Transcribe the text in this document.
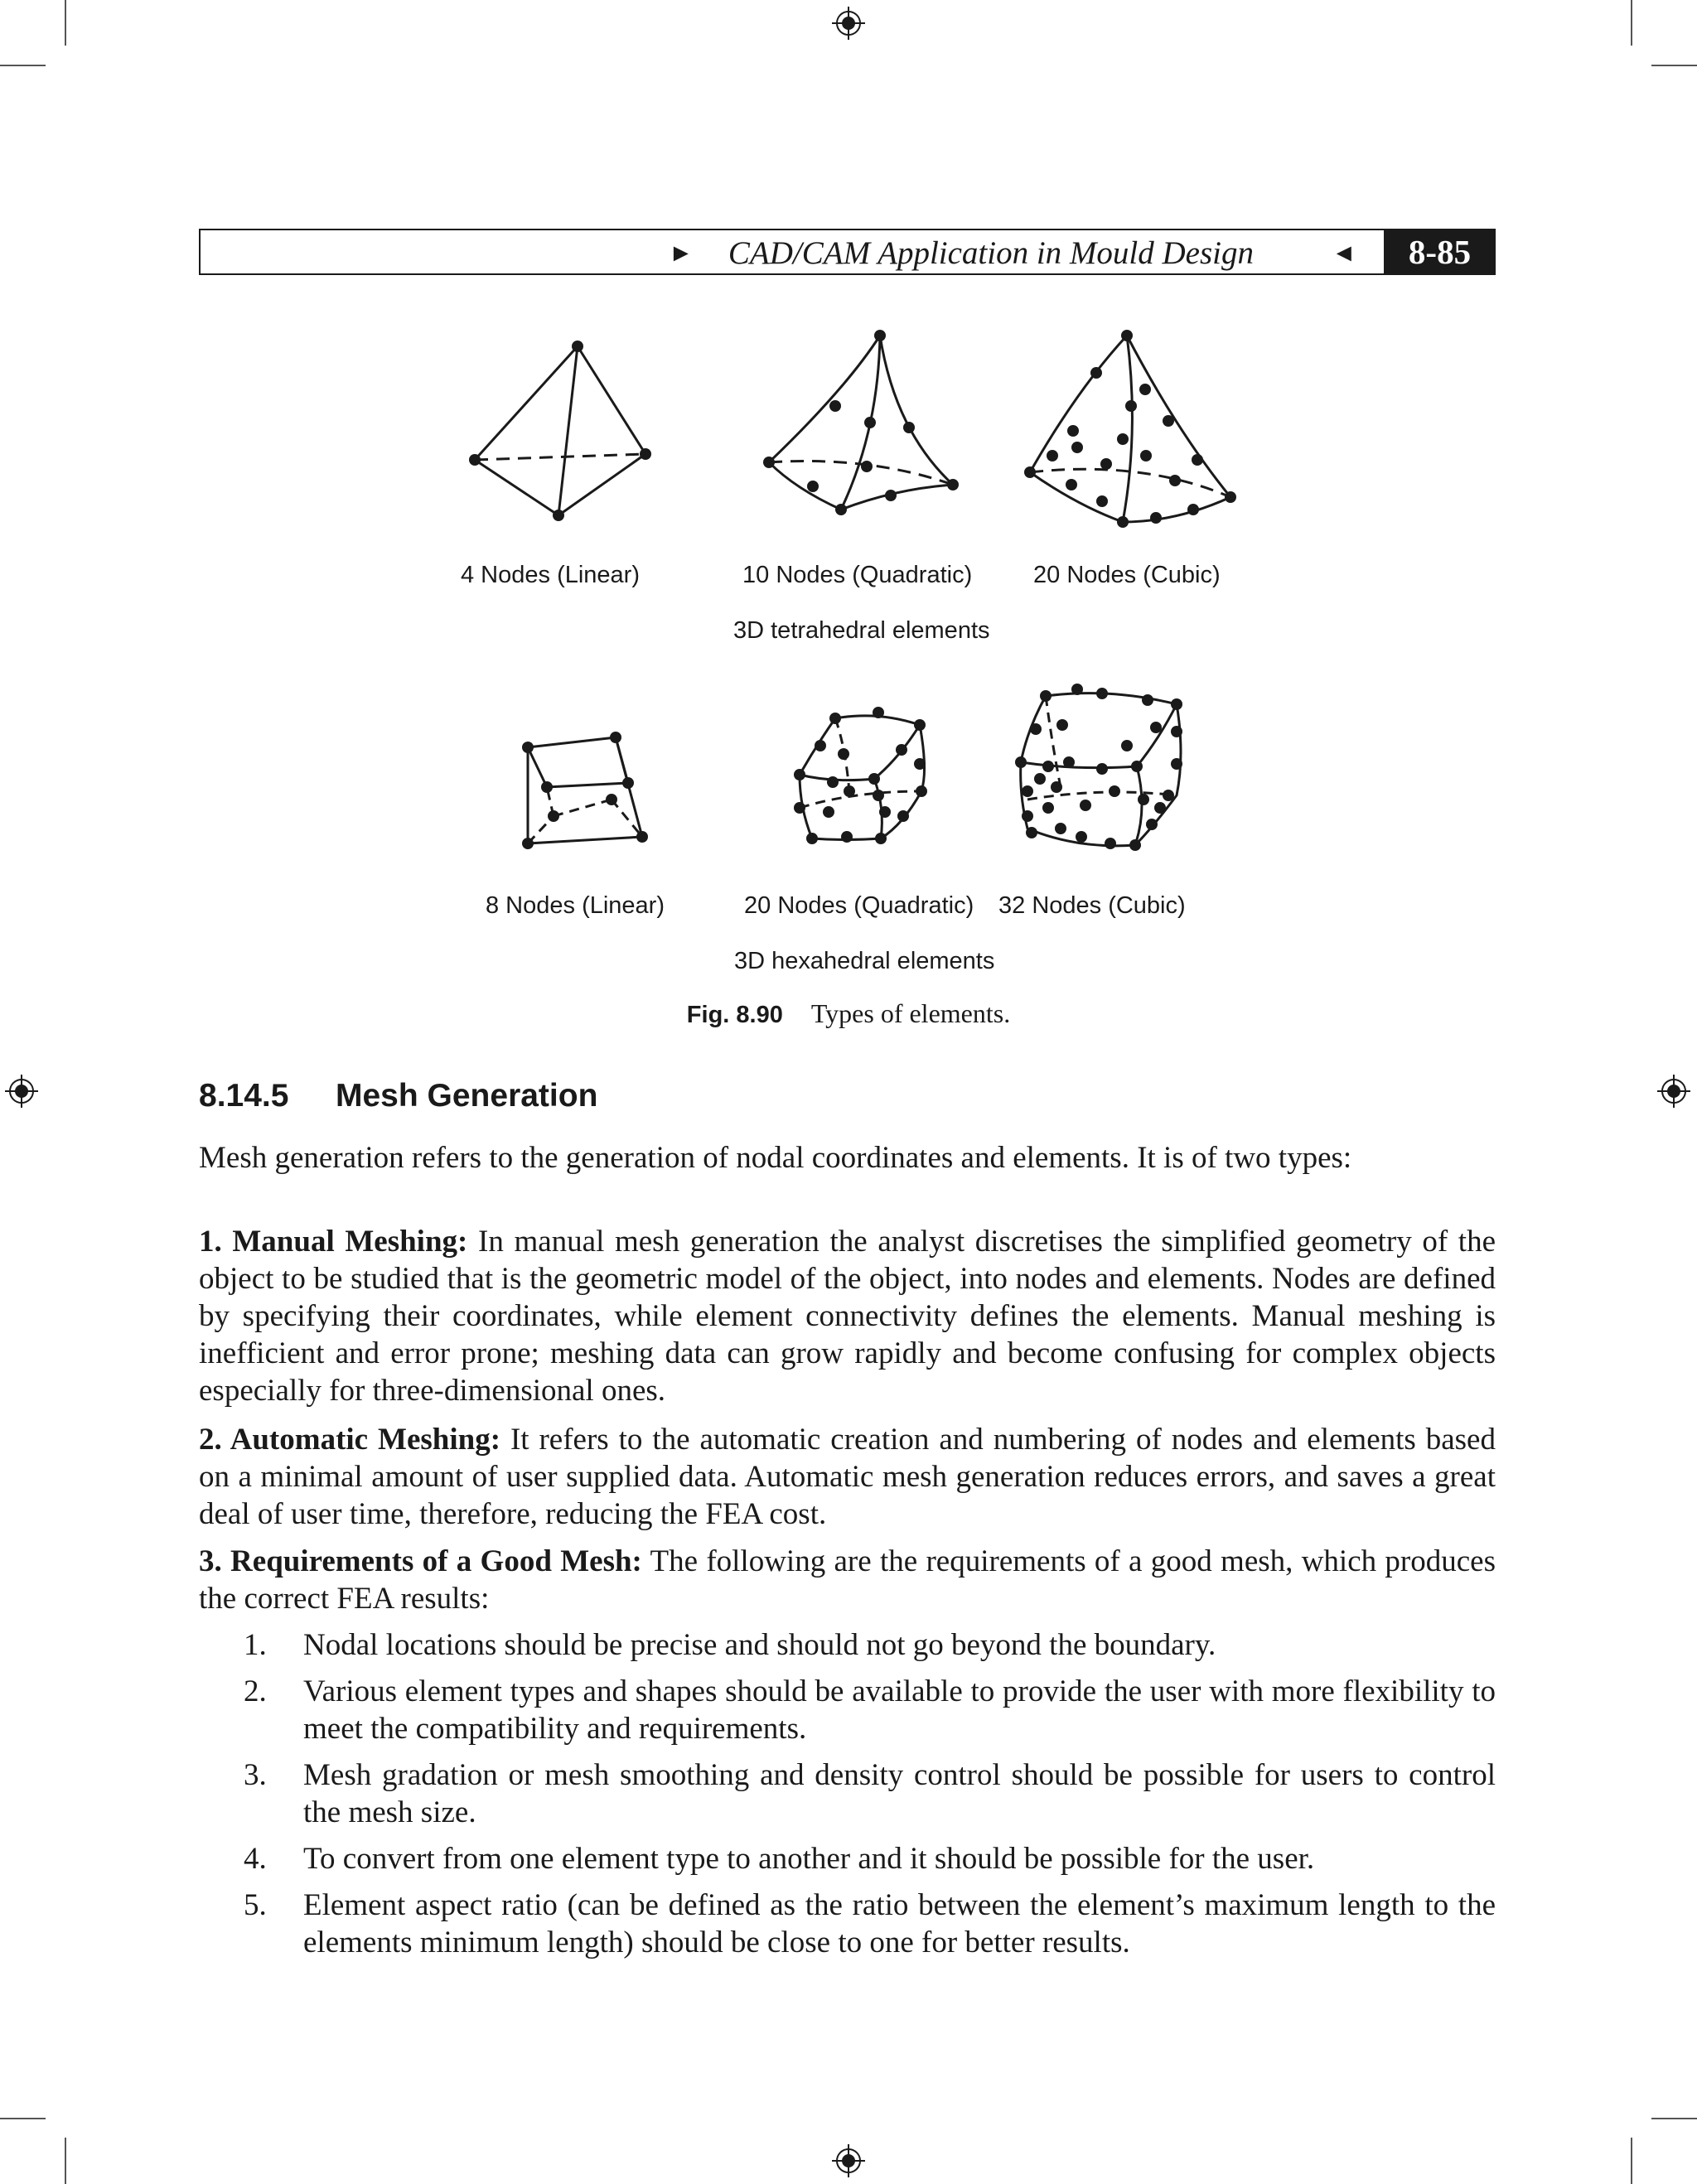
► CAD/CAM Application in Mould Design	◄	8-85
4 Nodes (Linear)	10 Nodes (Quadratic)	20 Nodes (Cubic)
3D tetrahedral elements
8 Nodes (Linear)	20 Nodes (Quadratic) 32 Nodes (Cubic)
3D hexahedral elements
Fig. 8.90 Types of elements.
8.14.5 Mesh Generation

Mesh generation refers to the generation of nodal coordinates and elements. It is of two types:

1. Manual Meshing: In manual mesh generation the analyst discretises the simplified geometry of the object to be studied that is the geometric model of the object, into nodes and elements. Nodes are defined by specifying their coordinates, while element connectivity defines the elements. Manual meshing is inefficient and error prone; meshing data can grow rapidly and become confusing for complex objects especially for three-dimensional ones.

2. Automatic Meshing: It refers to the automatic creation and numbering of nodes and elements based on a minimal amount of user supplied data. Automatic mesh generation reduces errors, and saves a great deal of user time, therefore, reducing the FEA cost.

3. Requirements of a Good Mesh: The following are the requirements of a good mesh, which produces the correct FEA results:

1. Nodal locations should be precise and should not go beyond the boundary.
2. Various element types and shapes should be available to provide the user with more flexibility to meet the compatibility and requirements.
3. Mesh gradation or mesh smoothing and density control should be possible for users to control the mesh size.
4. To convert from one element type to another and it should be possible for the user.
5. Element aspect ratio (can be defined as the ratio between the element’s maximum length to the elements minimum length) should be close to one for better results.
